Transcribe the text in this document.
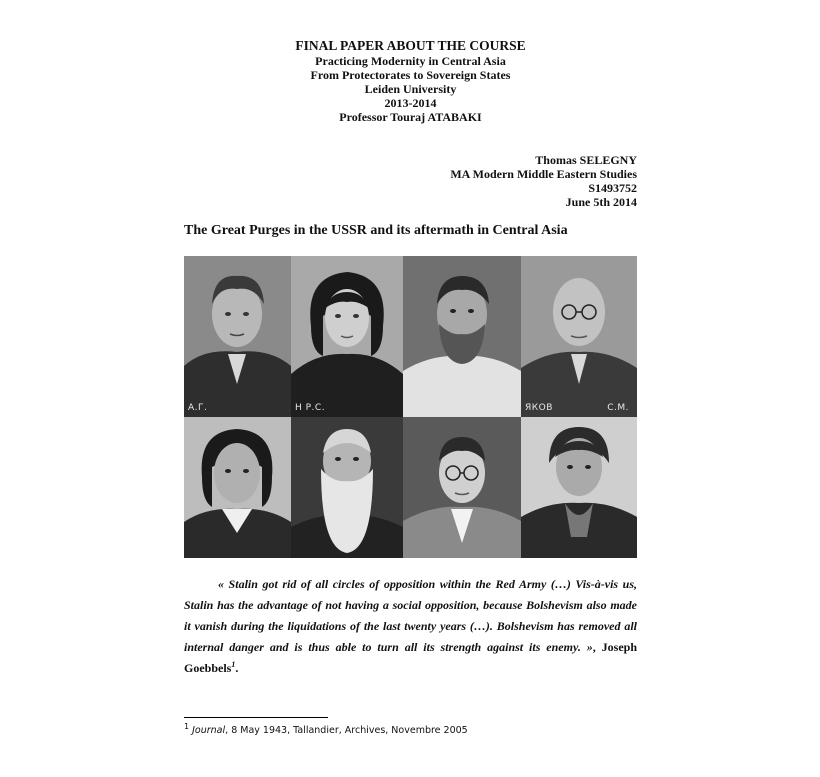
FINAL PAPER ABOUT THE COURSE
Practicing Modernity in Central Asia
From Protectorates to Sovereign States
Leiden University
2013-2014
Professor Touraj ATABAKI
Thomas SELEGNY
MA Modern Middle Eastern Studies
S1493752
June 5th 2014
The Great Purges in the USSR and its aftermath in Central Asia
А.Г.	Н Р.С.	ЯКОВ	С.М.
« Stalin got rid of all circles of opposition within the Red Army (…) Vis-à-vis us, Stalin has the advantage of not having a social opposition, because Bolshevism also made it vanish during the liquidations of the last twenty years (…). Bolshevism has removed all internal danger and is thus able to turn all its strength against its enemy. », Joseph Goebbels$^1$.
$^1$ Journal, 8 May 1943, Tallandier, Archives, Novembre 2005
